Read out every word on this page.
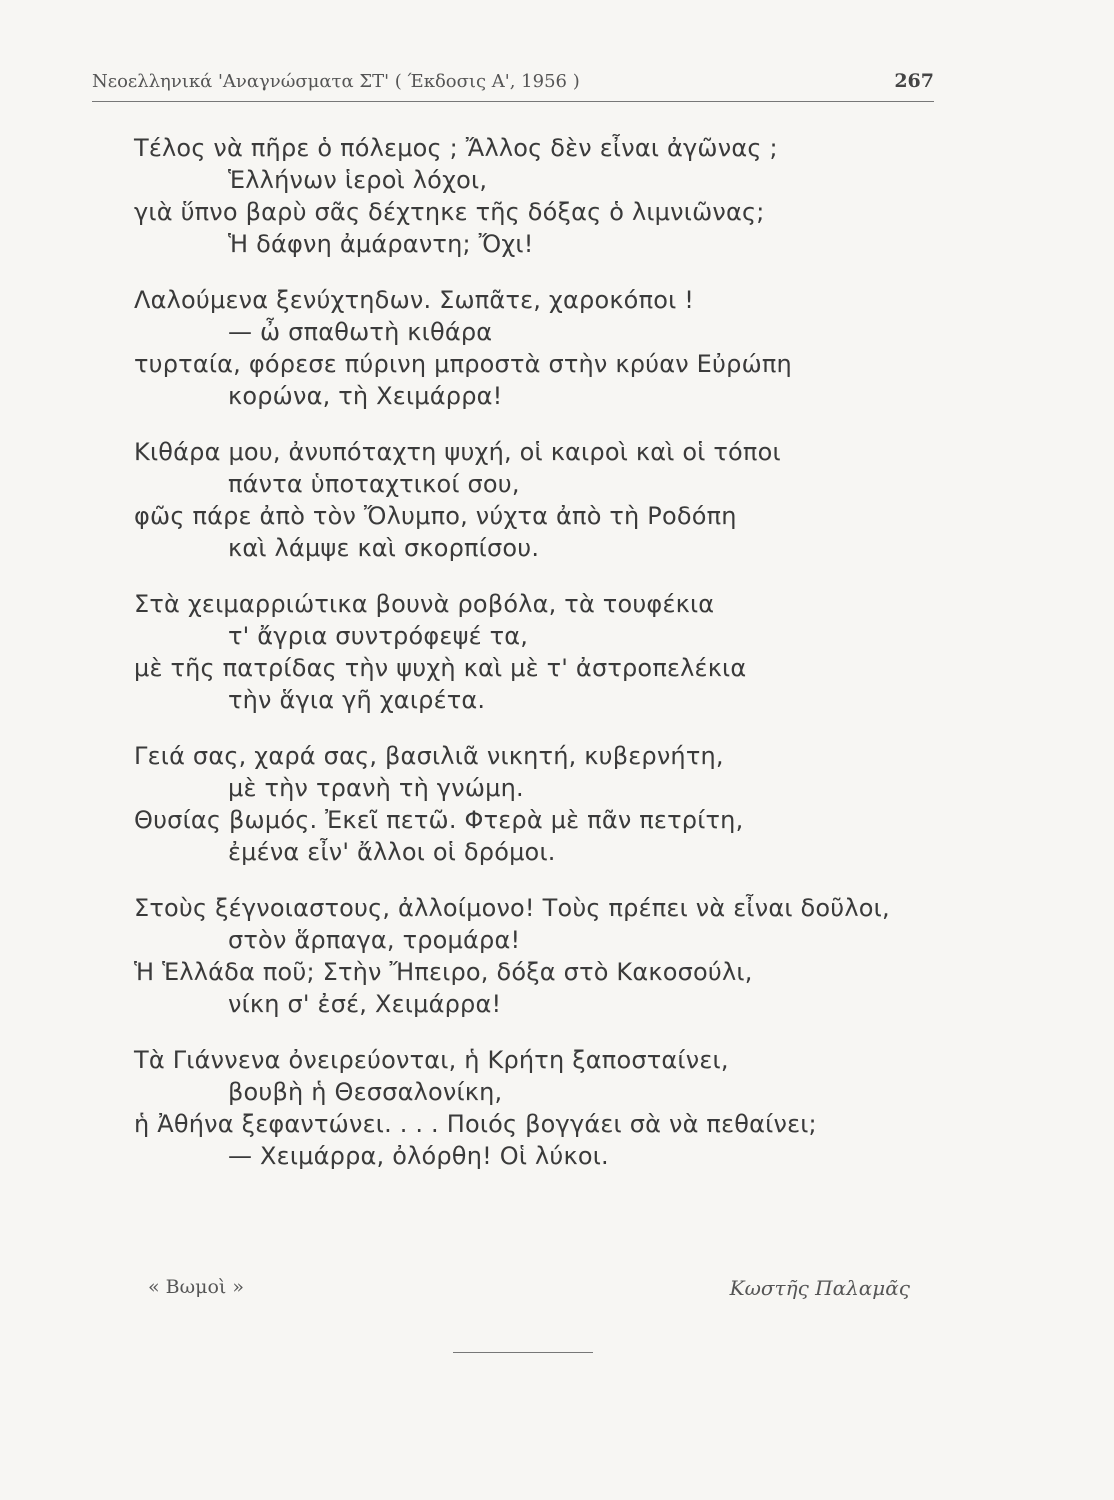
Νεοελληνικά 'Αναγνώσματα ΣΤ' ( Έκδοσις Α', 1956 )	267
Τέλος νὰ πῆρε ὁ πόλεμος ; Ἄλλος δὲν εἶναι ἀγῶνας ;
Ἑλλήνων ἱεροὶ λόχοι,
γιὰ ὕπνο βαρὺ σᾶς δέχτηκε τῆς δόξας ὁ λιμνιῶνας;
Ἡ δάφνη ἀμάραντη; Ὄχι!
Λαλούμενα ξενύχτηδων. Σωπᾶτε, χαροκόποι !
— ὦ σπαθωτὴ κιθάρα
τυρταία, φόρεσε πύρινη μπροστὰ στὴν κρύαν Εὐρώπη
κορώνα, τὴ Χειμάρρα!
Κιθάρα μου, ἀνυπόταχτη ψυχή, οἱ καιροὶ καὶ οἱ τόποι
πάντα ὑποταχτικοί σου,
φῶς πάρε ἀπὸ τὸν Ὄλυμπο, νύχτα ἀπὸ τὴ Ροδόπη
καὶ λάμψε καὶ σκορπίσου.
Στὰ χειμαρριώτικα βουνὰ ροβόλα, τὰ τουφέκια
τ' ἄγρια συντρόφεψέ τα,
μὲ τῆς πατρίδας τὴν ψυχὴ καὶ μὲ τ' ἀστροπελέκια
τὴν ἅγια γῆ χαιρέτα.
Γειά σας, χαρά σας, βασιλιᾶ νικητή, κυβερνήτη,
μὲ τὴν τρανὴ τὴ γνώμη.
Θυσίας βωμός. Ἐκεῖ πετῶ. Φτερὰ μὲ πᾶν πετρίτη,
ἐμένα εἶν' ἄλλοι οἱ δρόμοι.
Στοὺς ξέγνοιαστους, ἀλλοίμονο! Τοὺς πρέπει νὰ εἶναι δοῦλοι,
στὸν ἅρπαγα, τρομάρα!
Ἡ Ἑλλάδα ποῦ; Στὴν Ἤπειρο, δόξα στὸ Κακοσούλι,
νίκη σ' ἐσέ, Χειμάρρα!
Τὰ Γιάννενα ὀνειρεύονται, ἡ Κρήτη ξαποσταίνει,
βουβὴ ἡ Θεσσαλονίκη,
ἡ Ἀθήνα ξεφαντώνει. . . . Ποιός βογγάει σὰ νὰ πεθαίνει;
— Χειμάρρα, ὀλόρθη! Οἱ λύκοι.
« Βωμοὶ »	Κωστῆς Παλαμᾶς
